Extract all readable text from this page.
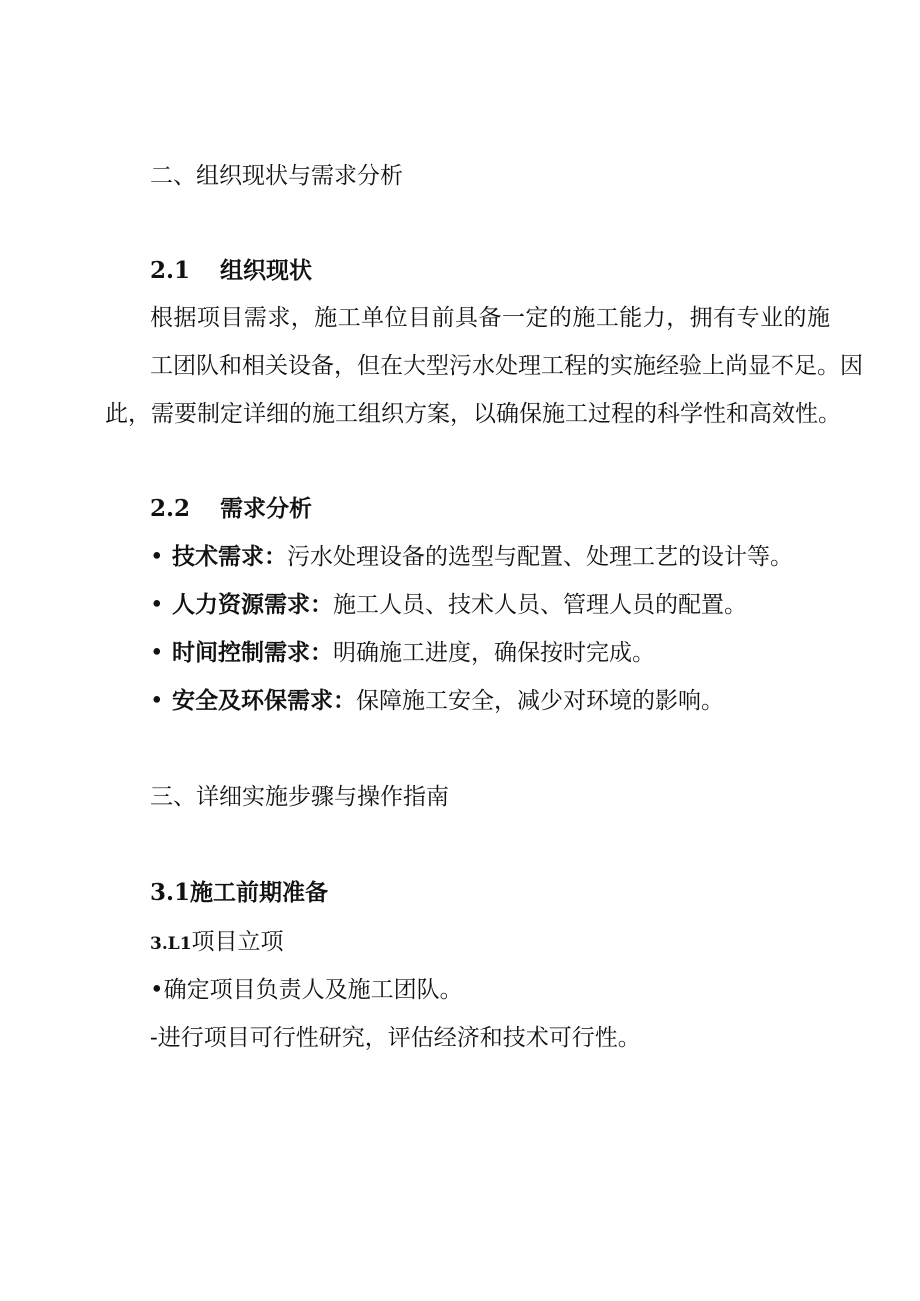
二、组织现状与需求分析

2.1 组织现状

根据项目需求，施工单位目前具备一定的施工能力，拥有专业的施

工团队和相关设备，但在大型污水处理工程的实施经验上尚显不足。因

此，需要制定详细的施工组织方案，以确保施工过程的科学性和高效性。

2.2 需求分析

• 技术需求：污水处理设备的选型与配置、处理工艺的设计等。

• 人力资源需求：施工人员、技术人员、管理人员的配置。

• 时间控制需求：明确施工进度，确保按时完成。

• 安全及环保需求：保障施工安全，减少对环境的影响。

三、详细实施步骤与操作指南

3.1施工前期准备

3.L1项目立项

•确定项目负责人及施工团队。

-进行项目可行性研究，评估经济和技术可行性。
